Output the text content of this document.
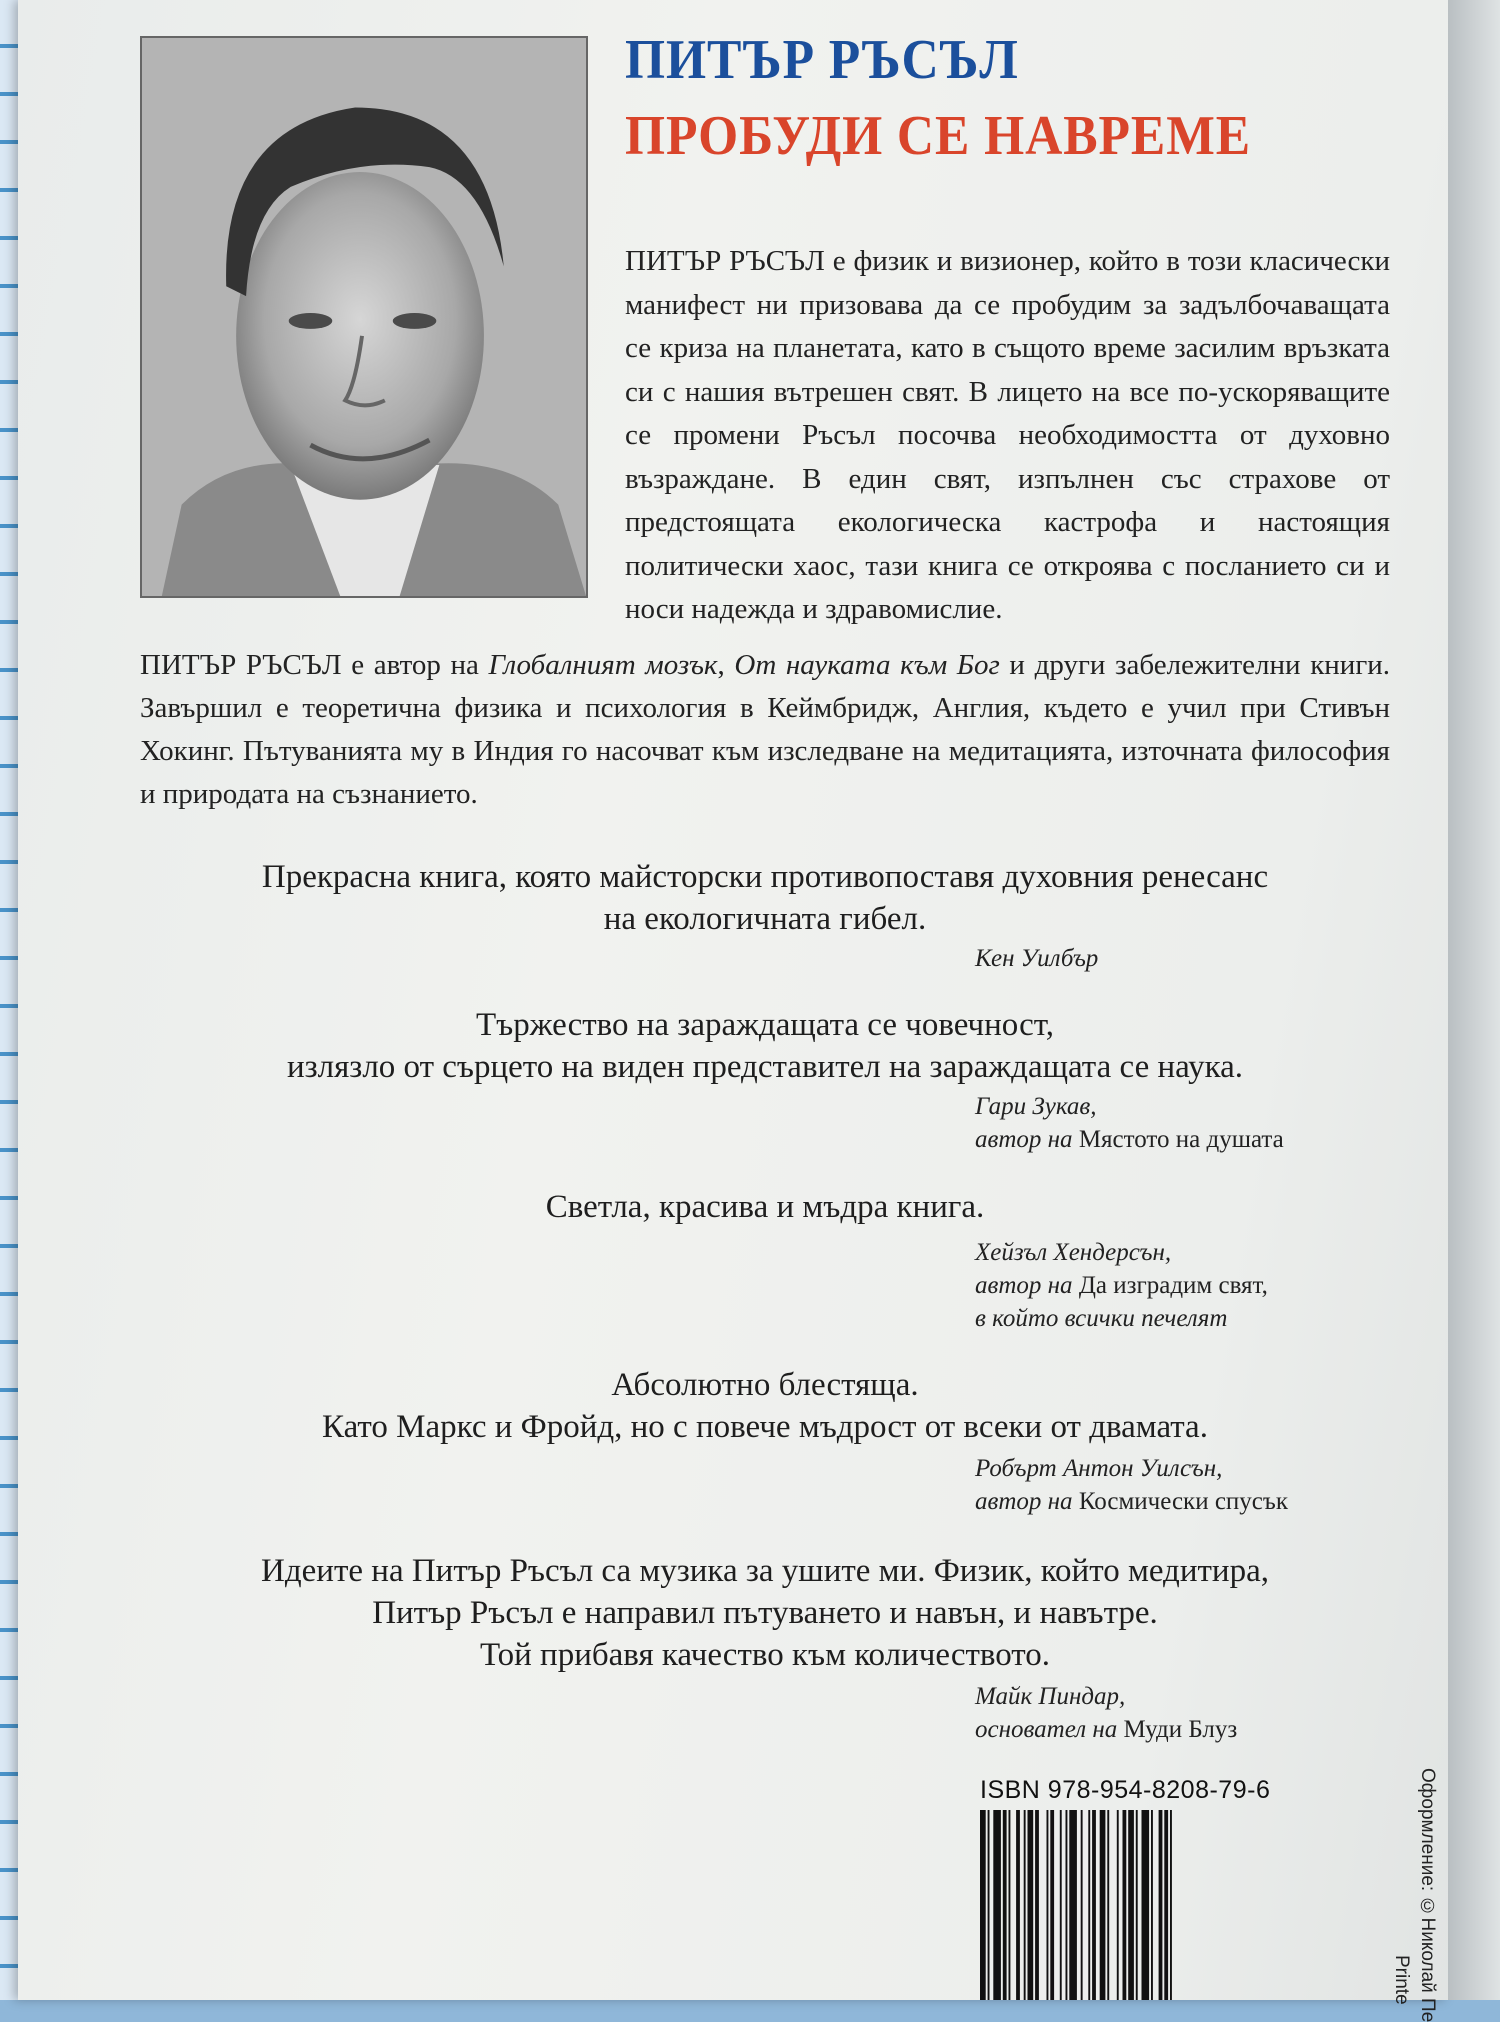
ПИТЪР РЪСЪЛ
ПРОБУДИ СЕ НАВРЕМЕ

ПИТЪР РЪСЪЛ е физик и визионер, който в този класически манифест ни призовава да се пробудим за задълбочаващата се криза на планетата, като в същото време засилим връзката си с нашия вътрешен свят. В лицето на все по-ускоряващите се промени Ръсъл посочва необходимостта от духовно възраждане. В един свят, изпълнен със страхове от предстоящата екологическа кастрофа и настоящия политически хаос, тази книга се откроява с посланието си и носи надежда и здравомислие.

ПИТЪР РЪСЪЛ е автор на Глобалният мозък, От науката към Бог и други забележителни книги. Завършил е теоретична физика и психология в Кеймбридж, Англия, където е учил при Стивън Хокинг. Пътуванията му в Индия го насочват към изследване на медитацията, източната философия и природата на съзнанието.

Прекрасна книга, която майсторски противопоставя духовния ренесанс
на екологичната гибел.

Кен Уилбър

Тържество на зараждащата се човечност,
излязло от сърцето на виден представител на зараждащата се наука.

Гари Зукав,
автор на Мястото на душата

Светла, красива и мъдра книга.

Хейзъл Хендерсън,
автор на Да изградим свят,
в който всички печелят

Абсолютно блестяща.
Като Маркс и Фройд, но с повече мъдрост от всеки от двамата.

Робърт Антон Уилсън,
автор на Космически спусък

Идеите на Питър Ръсъл са музика за ушите ми. Физик, който медитира,
Питър Ръсъл е направил пътуването и навън, и навътре.
Той прибавя качество към количеството.

Майк Пиндар,
основател на Муди Блуз

ISBN 978-954-8208-79-6	Оформление: ©Николай Пе
Printe
